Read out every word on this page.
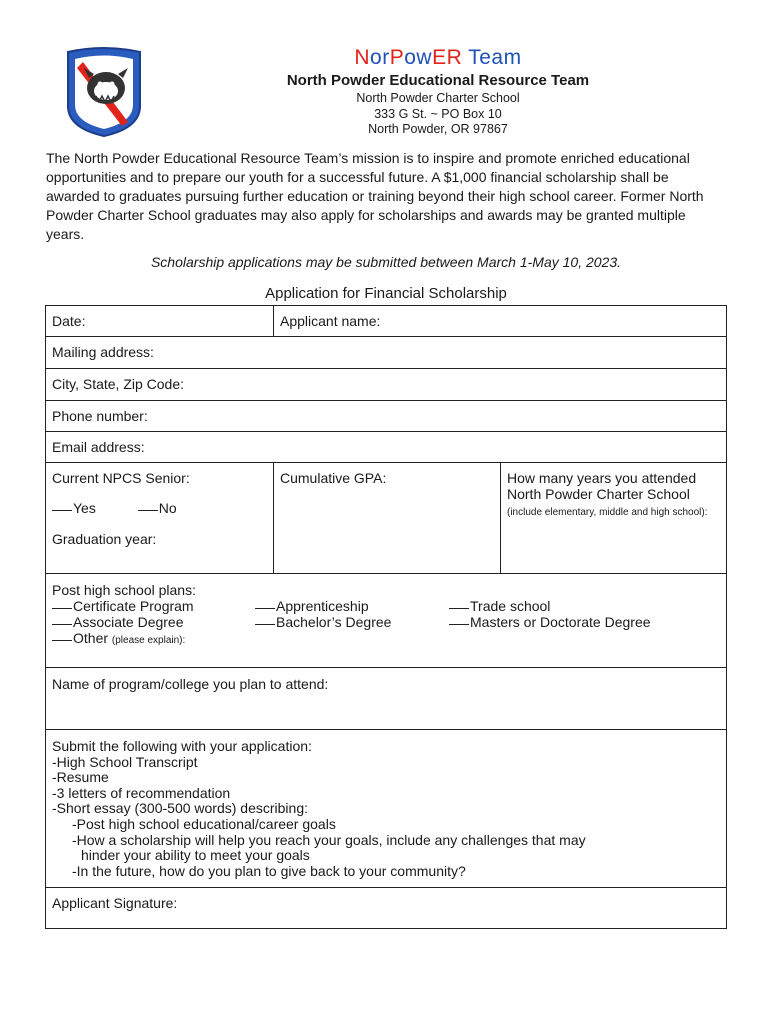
NorPowER Team
North Powder Educational Resource Team
North Powder Charter School
333 G St. ~ PO Box 10
North Powder, OR 97867
The North Powder Educational Resource Team’s mission is to inspire and promote enriched educational opportunities and to prepare our youth for a successful future. A $1,000 financial scholarship shall be awarded to graduates pursuing further education or training beyond their high school career. Former North Powder Charter School graduates may also apply for scholarships and awards may be granted multiple years.
Scholarship applications may be submitted between March 1-May 10, 2023.
Application for Financial Scholarship
Date:	Applicant name:
Mailing address:
City, State, Zip Code:
Phone number:
Email address:
Current NPCS Senior:
Yes	No
Graduation year:
Cumulative GPA:	How many years you attended North Powder Charter School (include elementary, middle and high school):
Post high school plans:
Certificate Program	Apprenticeship	Trade school
Associate Degree	Bachelor’s Degree	Masters or Doctorate Degree
Other (please explain):
Name of program/college you plan to attend:
Submit the following with your application:
-High School Transcript
-Resume
-3 letters of recommendation
-Short essay (300-500 words) describing:
-Post high school educational/career goals
-How a scholarship will help you reach your goals, include any challenges that may
hinder your ability to meet your goals
-In the future, how do you plan to give back to your community?
Applicant Signature:
